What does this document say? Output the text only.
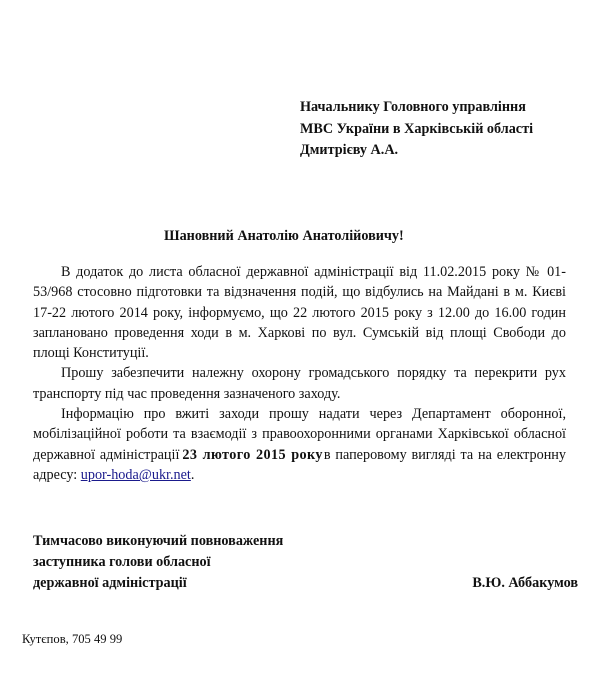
Начальнику Головного управління
МВС України в Харківській області
Дмитрієву А.А.
Шановний Анатолію Анатолійовичу!

В додаток до листа обласної державної адміністрації від 11.02.2015 року № 01-53/968 стосовно підготовки та відзначення подій, що відбулись на Майдані в м. Києві 17-22 лютого 2014 року, інформуємо, що 22 лютого 2015 року з 12.00 до 16.00 годин заплановано проведення ходи в м. Харкові по вул. Сумській від площі Свободи до площі Конституції.

Прошу забезпечити належну охорону громадського порядку та перекрити рух транспорту під час проведення зазначеного заходу.

Інформацію про вжиті заходи прошу надати через Департамент оборонної, мобілізаційної роботи та взаємодії з правоохоронними органами Харківської обласної державної адміністрації 23 лютого 2015 рокув паперовому вигляді та на електронну адресу: upor-hoda@ukr.net.

Тимчасово виконуючий повноваження
заступника голови обласної
державної адміністрації	В.Ю. Аббакумов
Кутєпов, 705 49 99
